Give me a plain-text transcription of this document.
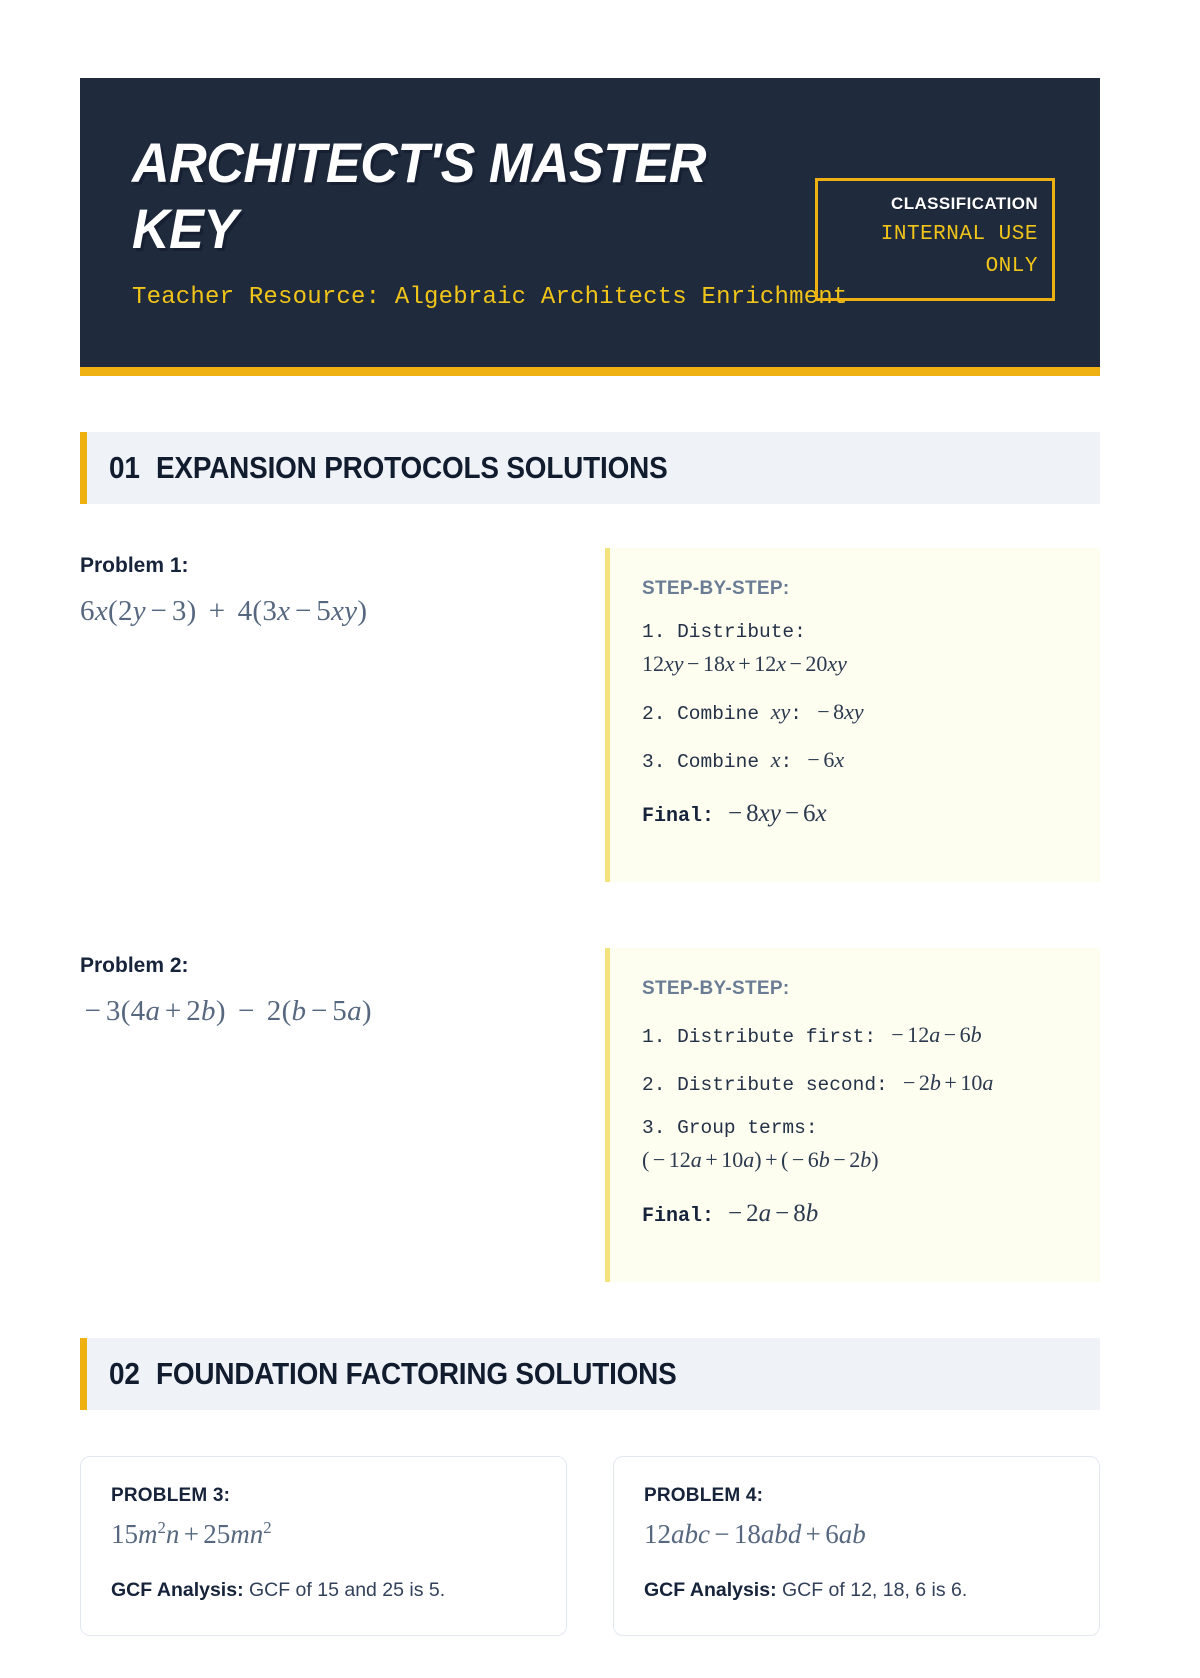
ARCHITECT'S MASTER KEY
Teacher Resource: Algebraic Architects Enrichment
CLASSIFICATION
INTERNAL USE ONLY
01 EXPANSION PROTOCOLS SOLUTIONS

Problem 1:

6x(2y − 3) + 4(3x − 5xy)

STEP-BY-STEP:

1. Distribute:
12xy − 18x + 12x − 20xy

2. Combine xy: − 8xy

3. Combine x: − 6x

Final: − 8xy − 6x

Problem 2:

− 3(4a + 2b) − 2(b − 5a)

STEP-BY-STEP:

1. Distribute first: − 12a − 6b

2. Distribute second: − 2b + 10a

3. Group terms:
( − 12a + 10a) + ( − 6b − 2b)

Final: − 2a − 8b

02 FOUNDATION FACTORING SOLUTIONS

PROBLEM 3:

$15m^2n + 25mn^2$

GCF Analysis: GCF of 15 and 25 is 5.

PROBLEM 4:

12abc − 18abd + 6ab

GCF Analysis: GCF of 12, 18, 6 is 6.
